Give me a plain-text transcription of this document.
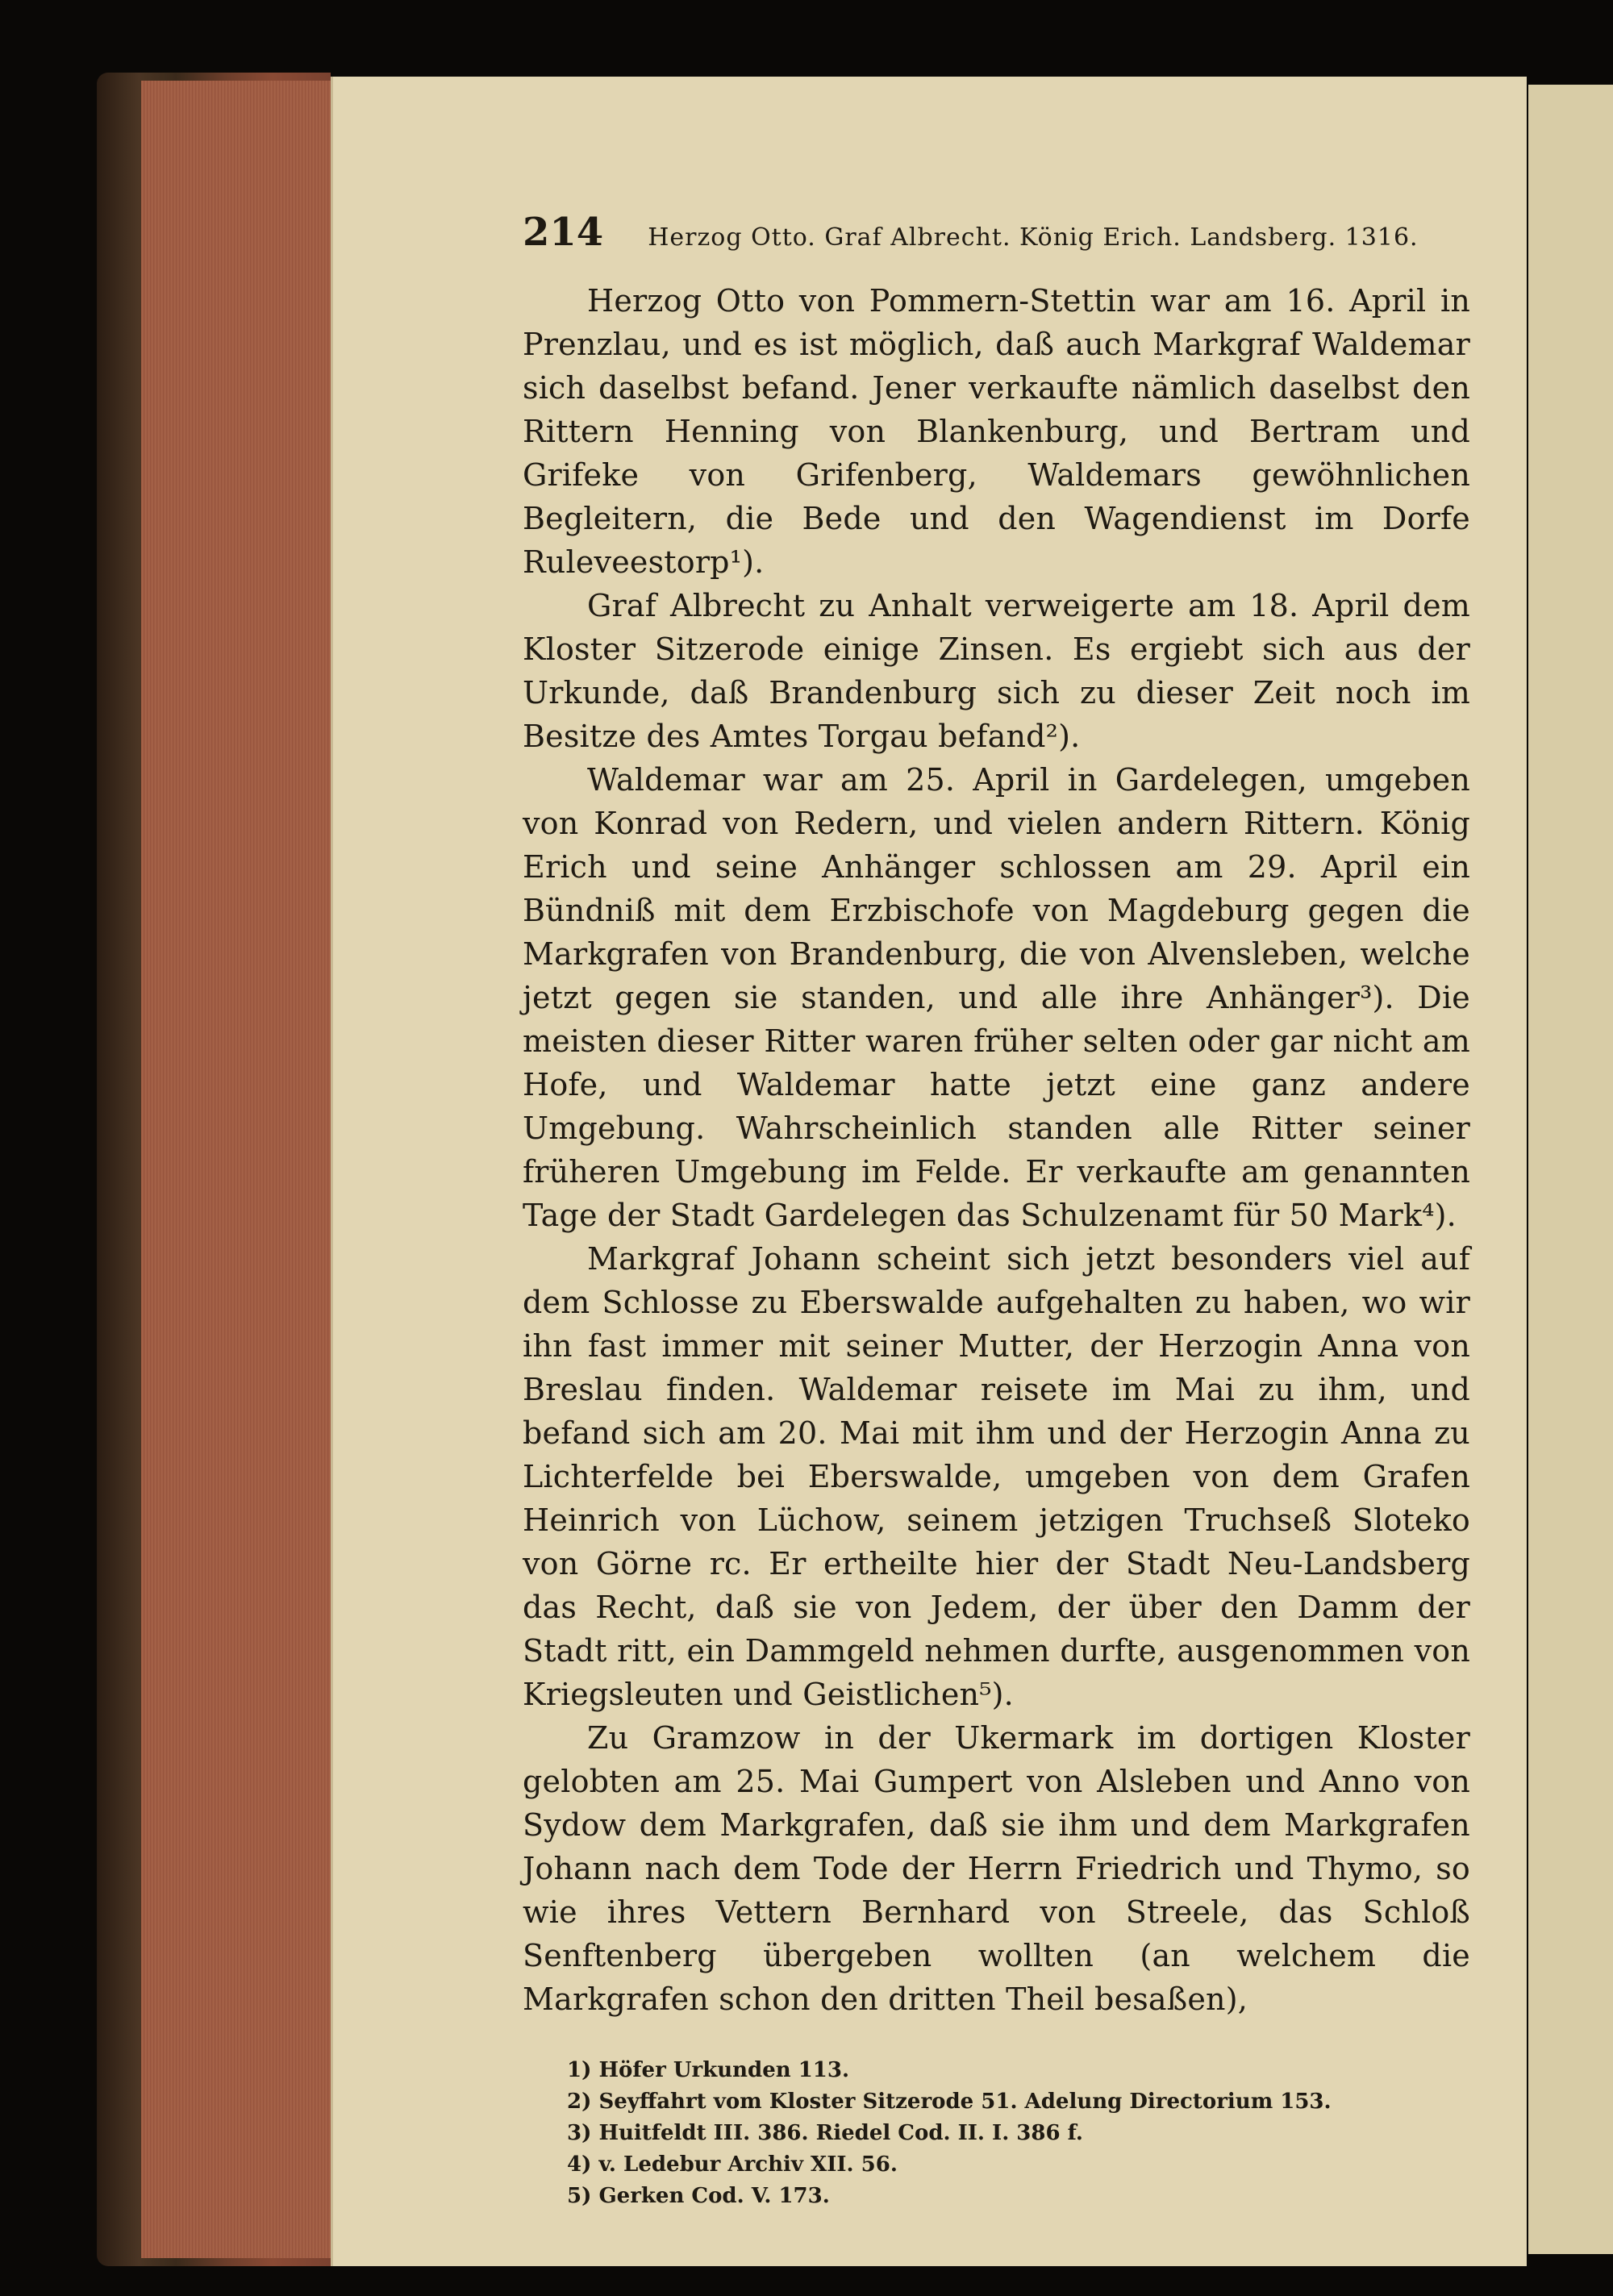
214 Herzog Otto. Graf Albrecht. König Erich. Landsberg. 1316.

Herzog Otto von Pommern-Stettin war am 16. April in Prenzlau, und es ist möglich, daß auch Markgraf Waldemar sich daselbst befand. Jener verkaufte nämlich daselbst den Rittern Henning von Blankenburg, und Bertram und Grifeke von Grifenberg, Waldemars gewöhnlichen Begleitern, die Bede und den Wagendienst im Dorfe Ruleveestorp¹).

Graf Albrecht zu Anhalt verweigerte am 18. April dem Kloster Sitzerode einige Zinsen. Es ergiebt sich aus der Urkunde, daß Brandenburg sich zu dieser Zeit noch im Besitze des Amtes Torgau befand²).

Waldemar war am 25. April in Gardelegen, umgeben von Konrad von Redern, und vielen andern Rittern. König Erich und seine Anhänger schlossen am 29. April ein Bündniß mit dem Erzbischofe von Magdeburg gegen die Markgrafen von Brandenburg, die von Alvensleben, welche jetzt gegen sie standen, und alle ihre Anhänger³). Die meisten dieser Ritter waren früher selten oder gar nicht am Hofe, und Waldemar hatte jetzt eine ganz andere Umgebung. Wahrscheinlich standen alle Ritter seiner früheren Umgebung im Felde. Er verkaufte am genannten Tage der Stadt Gardelegen das Schulzenamt für 50 Mark⁴).

Markgraf Johann scheint sich jetzt besonders viel auf dem Schlosse zu Eberswalde aufgehalten zu haben, wo wir ihn fast immer mit seiner Mutter, der Herzogin Anna von Breslau finden. Waldemar reisete im Mai zu ihm, und befand sich am 20. Mai mit ihm und der Herzogin Anna zu Lichterfelde bei Eberswalde, umgeben von dem Grafen Heinrich von Lüchow, seinem jetzigen Truchseß Sloteko von Görne rc. Er ertheilte hier der Stadt Neu-Landsberg das Recht, daß sie von Jedem, der über den Damm der Stadt ritt, ein Dammgeld nehmen durfte, ausgenommen von Kriegsleuten und Geistlichen⁵).

Zu Gramzow in der Ukermark im dortigen Kloster gelobten am 25. Mai Gumpert von Alsleben und Anno von Sydow dem Markgrafen, daß sie ihm und dem Markgrafen Johann nach dem Tode der Herrn Friedrich und Thymo, so wie ihres Vettern Bernhard von Streele, das Schloß Senftenberg übergeben wollten (an welchem die Markgrafen schon den dritten Theil besaßen),

1) Höfer Urkunden 113.

2) Seyffahrt vom Kloster Sitzerode 51. Adelung Directorium 153.

3) Huitfeldt III. 386. Riedel Cod. II. I. 386 f.

4) v. Ledebur Archiv XII. 56.

5) Gerken Cod. V. 173.
